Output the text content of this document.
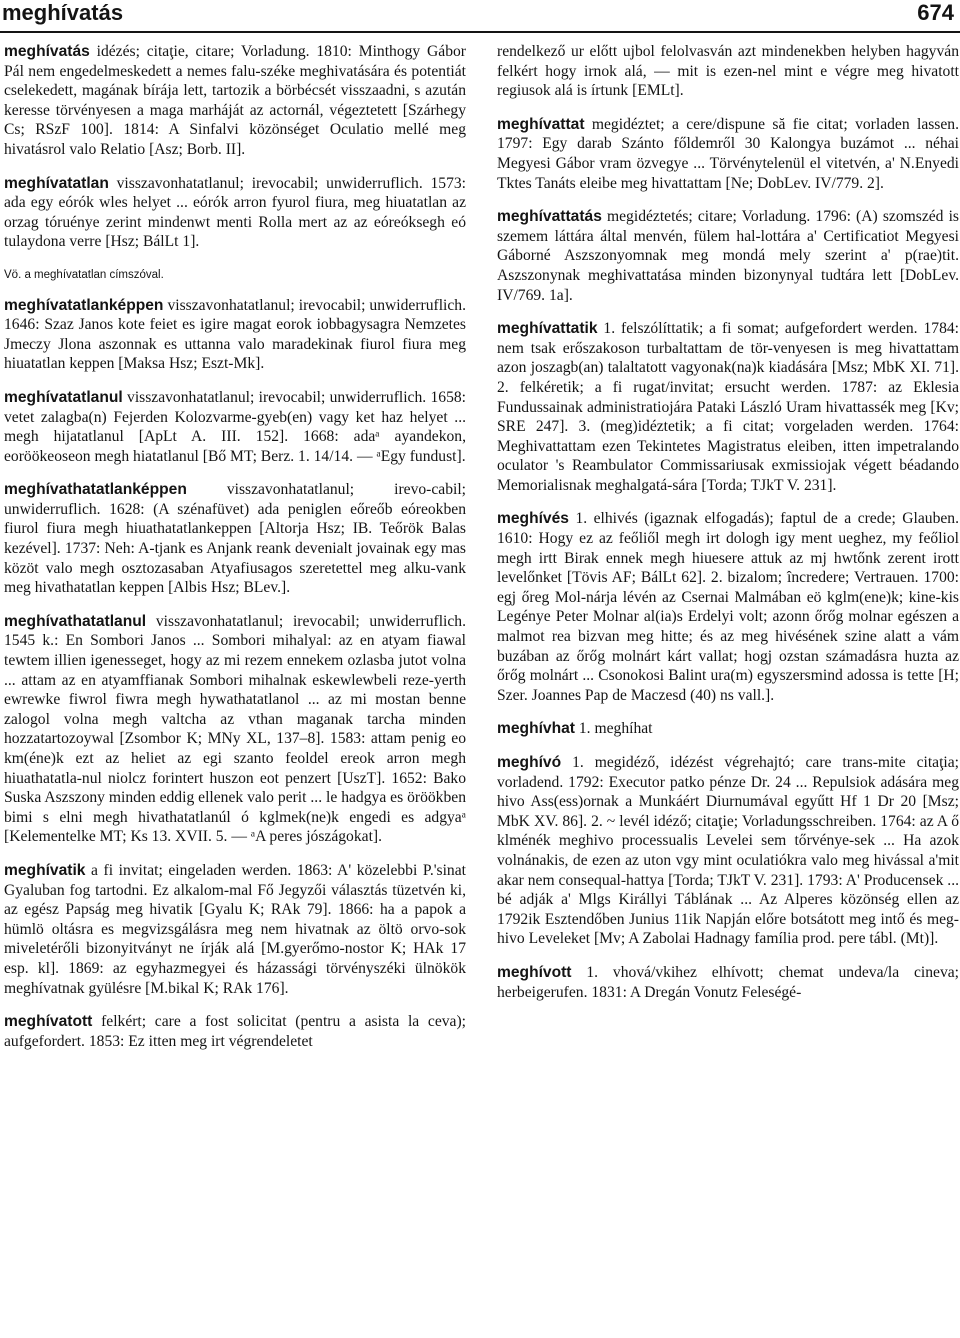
meghívatás	674
meghívatás idézés; citaţie, citare; Vorladung. 1810: Minthogy Gábor Pál nem engedelmeskedett a nemes falu-széke meghivatására és potentiát cselekedett, magának bírája lett, tartozik a börbécsét visszaadni, s azután keresse törvényesen a maga marháját az actornál, végeztetett [Szárhegy Cs; RSzF 100]. 1814: A Sinfalvi közönséget Oculatio mellé meg hivatásrol valo Relatio [Asz; Borb. II].
meghívatatlan visszavonhatatlanul; irevocabil; unwiderruflich. 1573: ada egy eórók wles helyet ... eórók arron fyurol fiura, meg hiuatatlan az orzag tóruénye zerint mindenwt menti Rolla mert az az eóreóksegh eó tulaydona verre [Hsz; BálLt 1].
Vö. a meghívatatlan címszóval.
meghívatatlanképpen visszavonhatatlanul; irevocabil; unwiderruflich. 1646: Szaz Janos kote feiet es igire magat eorok iobbagysagra Nemzetes Jmeczy Jlona aszonnak es uttanna valo maradekinak fiurol fiura meg hiuatatlan keppen [Maksa Hsz; Eszt-Mk].
meghívatatlanul visszavonhatatlanul; irevocabil; unwiderruflich. 1658: vetet zalagba(n) Fejerden Kolozvarme-gyeb(en) vagy ket haz helyet ... megh hijatatlanul [ApLt A. III. 152]. 1668: adaᵃ ayandekon, eoröökeoseon megh hiatatlanul [Bő MT; Berz. 1. 14/14. — ᵃEgy fundust].
meghívathatatlanképpen visszavonhatatlanul; irevo-cabil; unwiderruflich. 1628: (A szénafüvet) ada peniglen eőreőb eóreokben fiurol fiura megh hiuathatatlankeppen [Altorja Hsz; IB. Teőrök Balas kezével]. 1737: Neh: A-tjank es Anjank reank devenialt jovainak egy mas közöt valo megh osztozasaban Atyafiusagos szeretettel meg alku-vank meg hivathatatlan keppen [Albis Hsz; BLev.].
meghívathatatlanul visszavonhatatlanul; irevocabil; unwiderruflich. 1545 k.: En Sombori Janos ... Sombori mihalyal: az en atyam fiawal tewtem illien igenesseget, hogy az mi rezem ennekem ozlasba jutot volna ... attam az en atyamffianak Sombori mihalnak eskewlewbeli reze-yerth ewrewke fiwrol fiwra megh hywathatatlanol ... az mi mostan benne zalogol volna megh valtcha az vthan maganak tarcha minden hozzatartozoywal [Zsombor K; MNy XL, 137–8]. 1583: attam penig eo km(éne)k ezt az heliet az egi szanto feoldel ereok arron megh hiuathatatla-nul niolcz forintert huszon eot penzert [UszT]. 1652: Bako Suska Aszszony minden eddig ellenek valo perit ... le hadgya es öröökben bimi s elni megh hivathatatlanúl ó kglmek(ne)k engedi es adgyaᵃ [Kelementelke MT; Ks 13. XVII. 5. — ᵃA peres jószágokat].
meghívatik a fi invitat; eingeladen werden. 1863: A' közelebbi P.'sinat Gyaluban fog tartodni. Ez alkalom-mal Fő Jegyzői választás tüzetvén ki, az egész Papság meg hivatik [Gyalu K; RAk 79]. 1866: ha a papok a hümlö oltásra es megvizsgálásra meg nem hivatnak az öltö orvo-sok miveletérőli bizonyitványt ne írják alá [M.gyerőmo-nostor K; HAk 17 esp. kl]. 1869: az egyhazmegyei és házassági törvényszéki ülnökök meghívatnak gyülésre [M.bikal K; RAk 176].
meghívatott felkért; care a fost solicitat (pentru a asista la ceva); aufgefordert. 1853: Ez itten meg irt végrendeletet
rendelkező ur előtt ujbol felolvasván azt mindenekben helyben hagyván felkért hogy irnok alá, — mit is ezen-nel mint e végre meg hivatott regiusok alá is írtunk [EMLt].
meghívattat megidéztet; a cere/dispune să fie citat; vorladen lassen. 1797: Egy darab Szánto főldemről 30 Kalongya buzámot ... néhai Megyesi Gábor vram özvegye ... Törvénytelenül el vitetvén, a' N.Enyedi Tktes Tanáts eleibe meg hivattattam [Ne; DobLev. IV/779. 2].
meghívattatás megidéztetés; citare; Vorladung. 1796: (A) szomszéd is szemem láttára által menvén, fülem hal-lottára a' Certificatiot Megyesi Gáborné Aszszonyomnak meg mondá mely szerint a' p(rae)tit. Aszszonynak meghivattatása minden bizonynyal tudtára lett [DobLev. IV/769. 1a].
meghívattatik 1. felszólíttatik; a fi somat; aufgefordert werden. 1784: nem tsak erőszakoson turbaltattam de tör-venyesen is meg hivattattam azon joszagb(an) talaltatott vagyonak(na)k kiadására [Msz; MbK XI. 71]. 2. felkéretik; a fi rugat/invitat; ersucht werden. 1787: az Eklesia Fundussainak administratiojára Pataki László Uram hivattassék meg [Kv; SRE 247]. 3. (meg)idéztetik; a fi citat; vorgeladen werden. 1764: Meghivattattam ezen Tekintetes Magistratus eleiben, itten impetralando oculator 's Reambulator Commissariusak exmissiojak végett béadando Memorialisnak meghalgatá-sára [Torda; TJkT V. 231].
meghívés 1. elhivés (igaznak elfogadás); faptul de a crede; Glauben. 1610: Hogy ez az feőliől megh irt dologh igy ment ueghez, my feőliol megh irtt Birak ennek megh hiuesere attuk az mj hwtőnk zerent irott levelőnket [Tövis AF; BálLt 62]. 2. bizalom; încredere; Vertrauen. 1700: egj őreg Mol-nárja lévén az Csernai Malmában eö kglm(ene)k; kine-kis Legénye Peter Molnar al(ia)s Erdelyi volt; azonn őrőg molnar egészen a malmot rea bizvan meg hitte; és az meg hivésének szine alatt a vám buzában az őrőg molnárt kárt vallat; hogj ozstan számadásra huzta az őrőg molnárt ... Csonokosi Balint ura(m) egyszersmind adossa is tette [H; Szer. Joannes Pap de Maczesd (40) ns vall.].
meghívhat 1. meghíhat
meghívó 1. megidéző, idézést végrehajtó; care trans-mite citaţia; vorladend. 1792: Executor patko pénze Dr. 24 ... Repulsiok adására meg hivo Ass(ess)ornak a Munkáért Diurnumával egyűtt Hf 1 Dr 20 [Msz; MbK XV. 86]. 2. ~ levél idéző; citaţie; Vorladungsschreiben. 1764: az A ő klménék meghivo processualis Levelei sem tőrvénye-sek ... Ha azok volnánakis, de ezen az uton vgy mint oculatiókra valo meg hivással a'mit akar nem consequal-hattya [Torda; TJkT V. 231]. 1793: A' Producensek ... bé adják a' Mlgs Királlyi Táblának ... Az Alperes közönség ellen az 1792ik Esztendőben Junius 11ik Napján előre botsátott meg intő és meg-hivo Leveleket [Mv; A Zabolai Hadnagy família prod. pere tábl. (Mt)].
meghívott 1. vhová/vkihez elhívott; chemat undeva/la cineva; herbeigerufen. 1831: A Dregán Vonutz Feleségé-
